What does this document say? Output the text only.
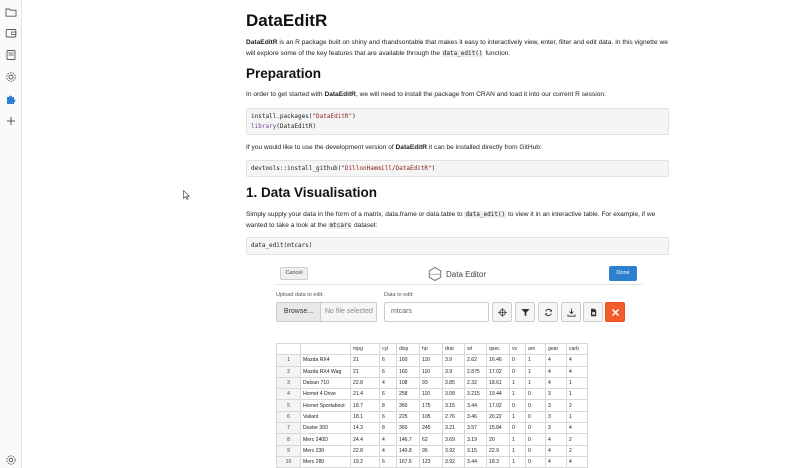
DataEditR

DataEditR is an R package built on shiny and rhandsontable that makes it easy to interactively view, enter, filter and edit data. In this vignette we will explore some of the key features that are available through the data_edit() function.

Preparation

In order to get started with DataEditR, we will need to install the package from CRAN and load it into our current R session:

install.packages("DataEditR")
library(DataEditR)

If you would like to use the development version of DataEditR it can be installed directly from GitHub:

devtools::install_github("DillonHammill/DataEditR")
1. Data Visualisation

Simply supply your data in the form of a matrix, data.frame or data.table to data_edit() to view it in an interactive table. For example, if we wanted to take a look at the mtcars dataset:

data_edit(mtcars)
Cancel	DataEditR Data Editor	Done
Upload data to edit:	Data to edit:
Browse...	No file selected	mtcars
		mpg	cyl	disp	hp	drat	wt	qsec	vs	am	gear	carb
1	Mazda RX4	21	6	160	110	3.9	2.62	16.46	0	1	4	4
2	Mazda RX4 Wag	21	6	160	110	3.9	2.875	17.02	0	1	4	4
3	Datsun 710	22.8	4	108	93	3.85	2.32	18.61	1	1	4	1
4	Hornet 4 Drive	21.4	6	258	110	3.08	3.215	19.44	1	0	3	1
5	Hornet Sportabout	18.7	8	360	175	3.15	3.44	17.02	0	0	3	2
6	Valiant	18.1	6	225	105	2.76	3.46	20.22	1	0	3	1
7	Duster 360	14.3	8	360	245	3.21	3.57	15.84	0	0	3	4
8	Merc 240D	24.4	4	146.7	62	3.69	3.19	20	1	0	4	2
9	Merc 230	22.8	4	140.8	95	3.92	3.15	22.9	1	0	4	2
10	Merc 280	19.2	6	167.6	123	3.92	3.44	18.3	1	0	4	4
